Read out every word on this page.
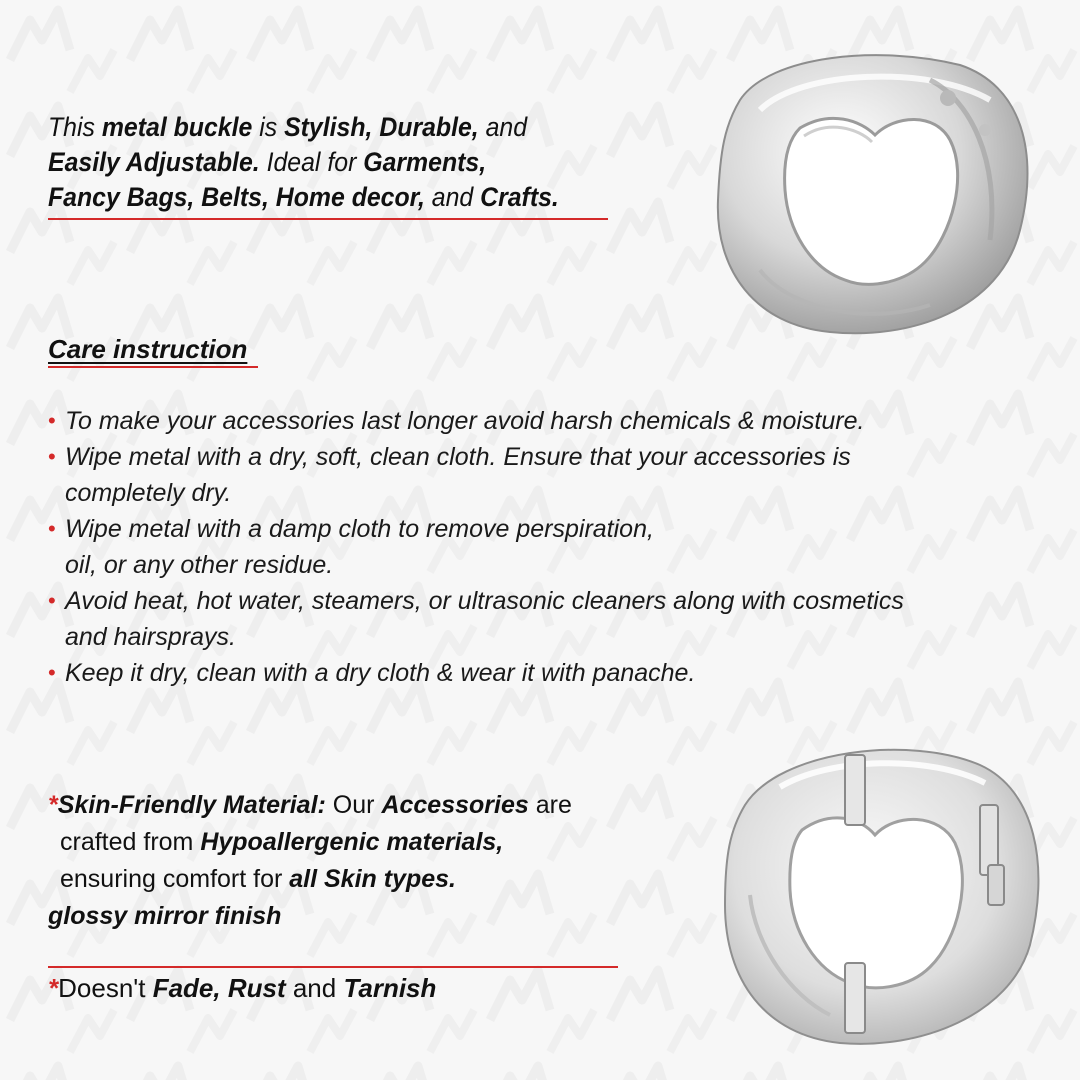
This metal buckle is Stylish, Durable, and
Easily Adjustable. Ideal for Garments,
Fancy Bags, Belts, Home decor, and Crafts.
Care instruction
• To make your accessories last longer avoid harsh chemicals & moisture.
• Wipe metal with a dry, soft, clean cloth. Ensure that your accessories is
completely dry.
• Wipe metal with a damp cloth to remove perspiration,
oil, or any other residue.
• Avoid heat, hot water, steamers, or ultrasonic cleaners along with cosmetics
and hairsprays.
• Keep it dry, clean with a dry cloth & wear it with panache.
*Skin-Friendly Material: Our Accessories are
crafted from Hypoallergenic materials,
ensuring comfort for all Skin types.
glossy mirror finish
*Doesn't Fade, Rust and Tarnish
